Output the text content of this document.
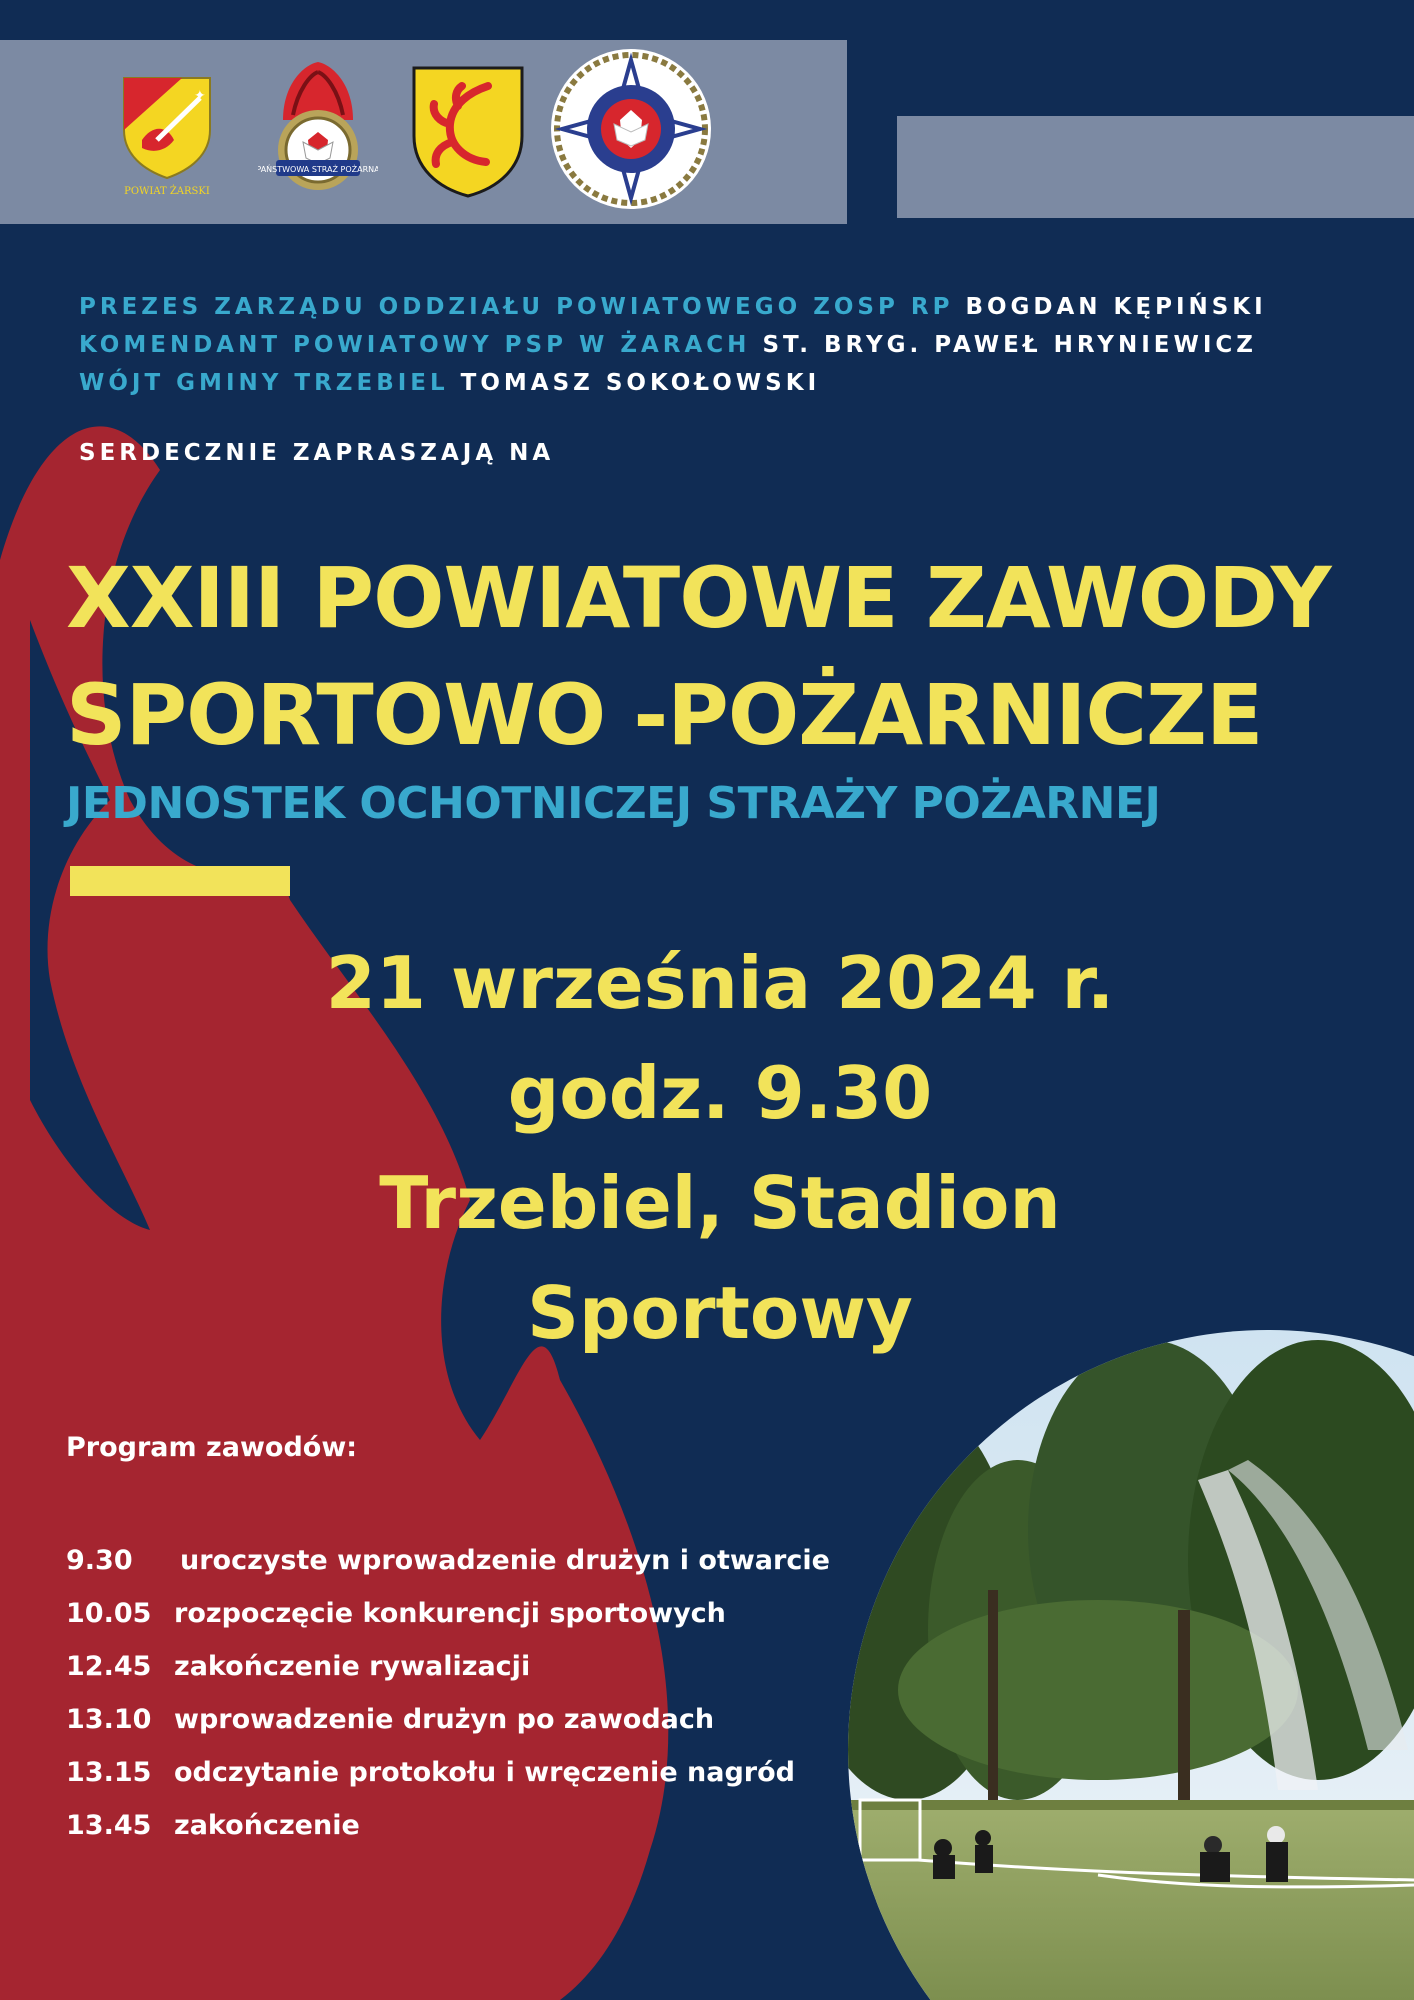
✦
POWIAT ŻARSKI
PAŃSTWOWA STRAŻ POŻARNA
PREZES ZARZĄDU ODDZIAŁU POWIATOWEGO ZOSP RP BOGDAN KĘPIŃSKI
KOMENDANT POWIATOWY PSP W ŻARACH ST. BRYG. PAWEŁ HRYNIEWICZ
WÓJT GMINY TRZEBIEL TOMASZ SOKOŁOWSKI
SERDECZNIE ZAPRASZAJĄ NA
XXIII POWIATOWE ZAWODY
SPORTOWO -POŻARNICZE
JEDNOSTEK OCHOTNICZEJ STRAŻY POŻARNEJ
21 września 2024 r.
godz. 9.30
Trzebiel, Stadion
Sportowy
Program zawodów:
9.30 uroczyste wprowadzenie drużyn i otwarcie
10.05 rozpoczęcie konkurencji sportowych
12.45 zakończenie rywalizacji
13.10 wprowadzenie drużyn po zawodach
13.15 odczytanie protokołu i wręczenie nagród
13.45 zakończenie
